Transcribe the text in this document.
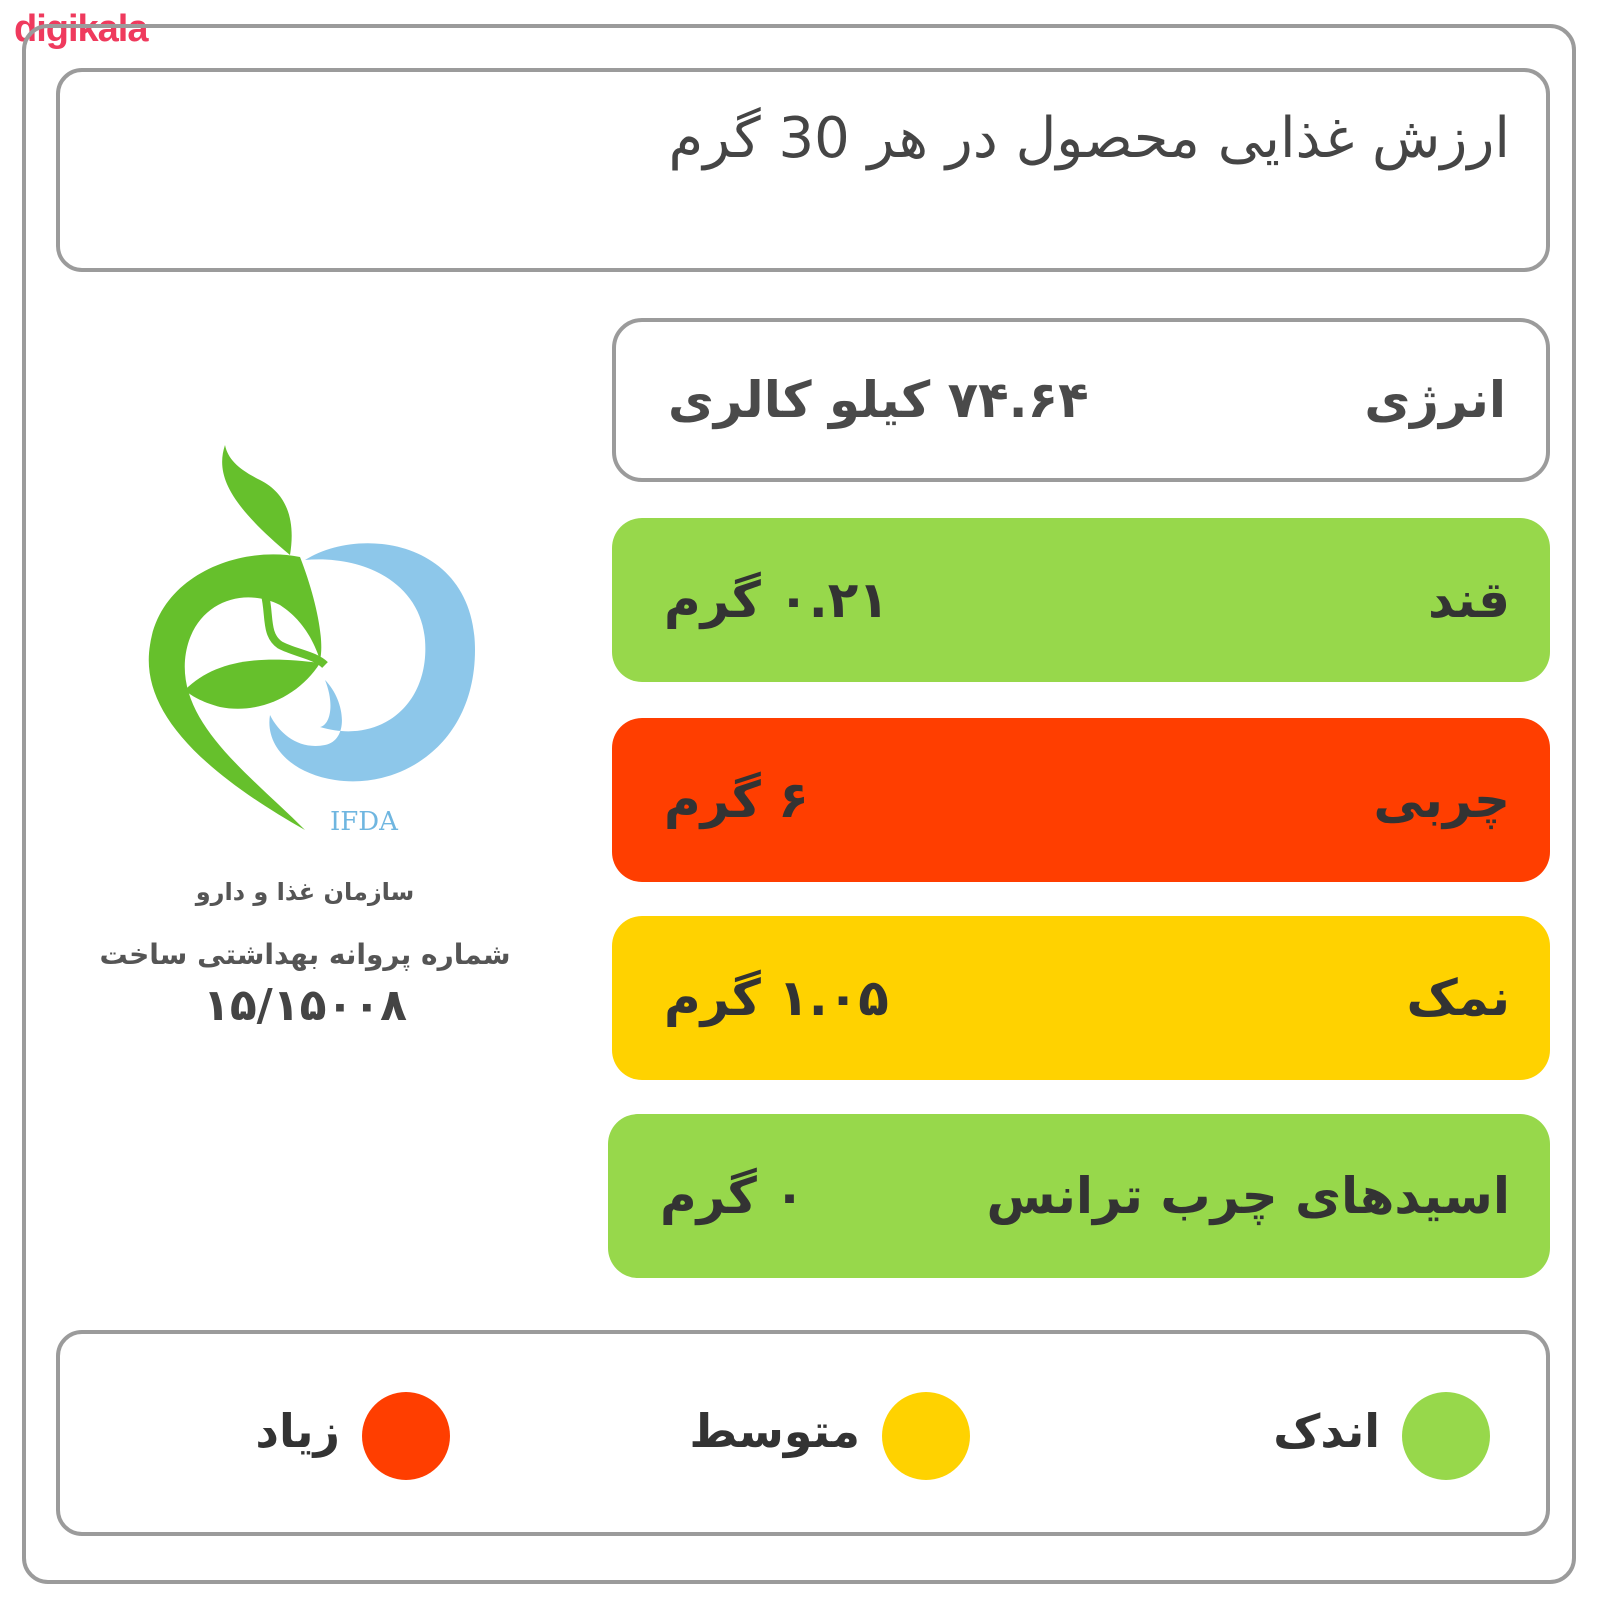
digikala
ارزش غذایی محصول در هر 30 گرم
انرژی
۷۴.۶۴ کیلو کالری
قند
۰.۲۱ گرم
چربی
۶ گرم
نمک
۱.۰۵ گرم
اسیدهای چرب ترانس
۰ گرم
IFDA
سازمان غذا و دارو
شماره پروانه بهداشتی ساخت
۱۵/۱۵۰۰۸
اندک
متوسط
زیاد
